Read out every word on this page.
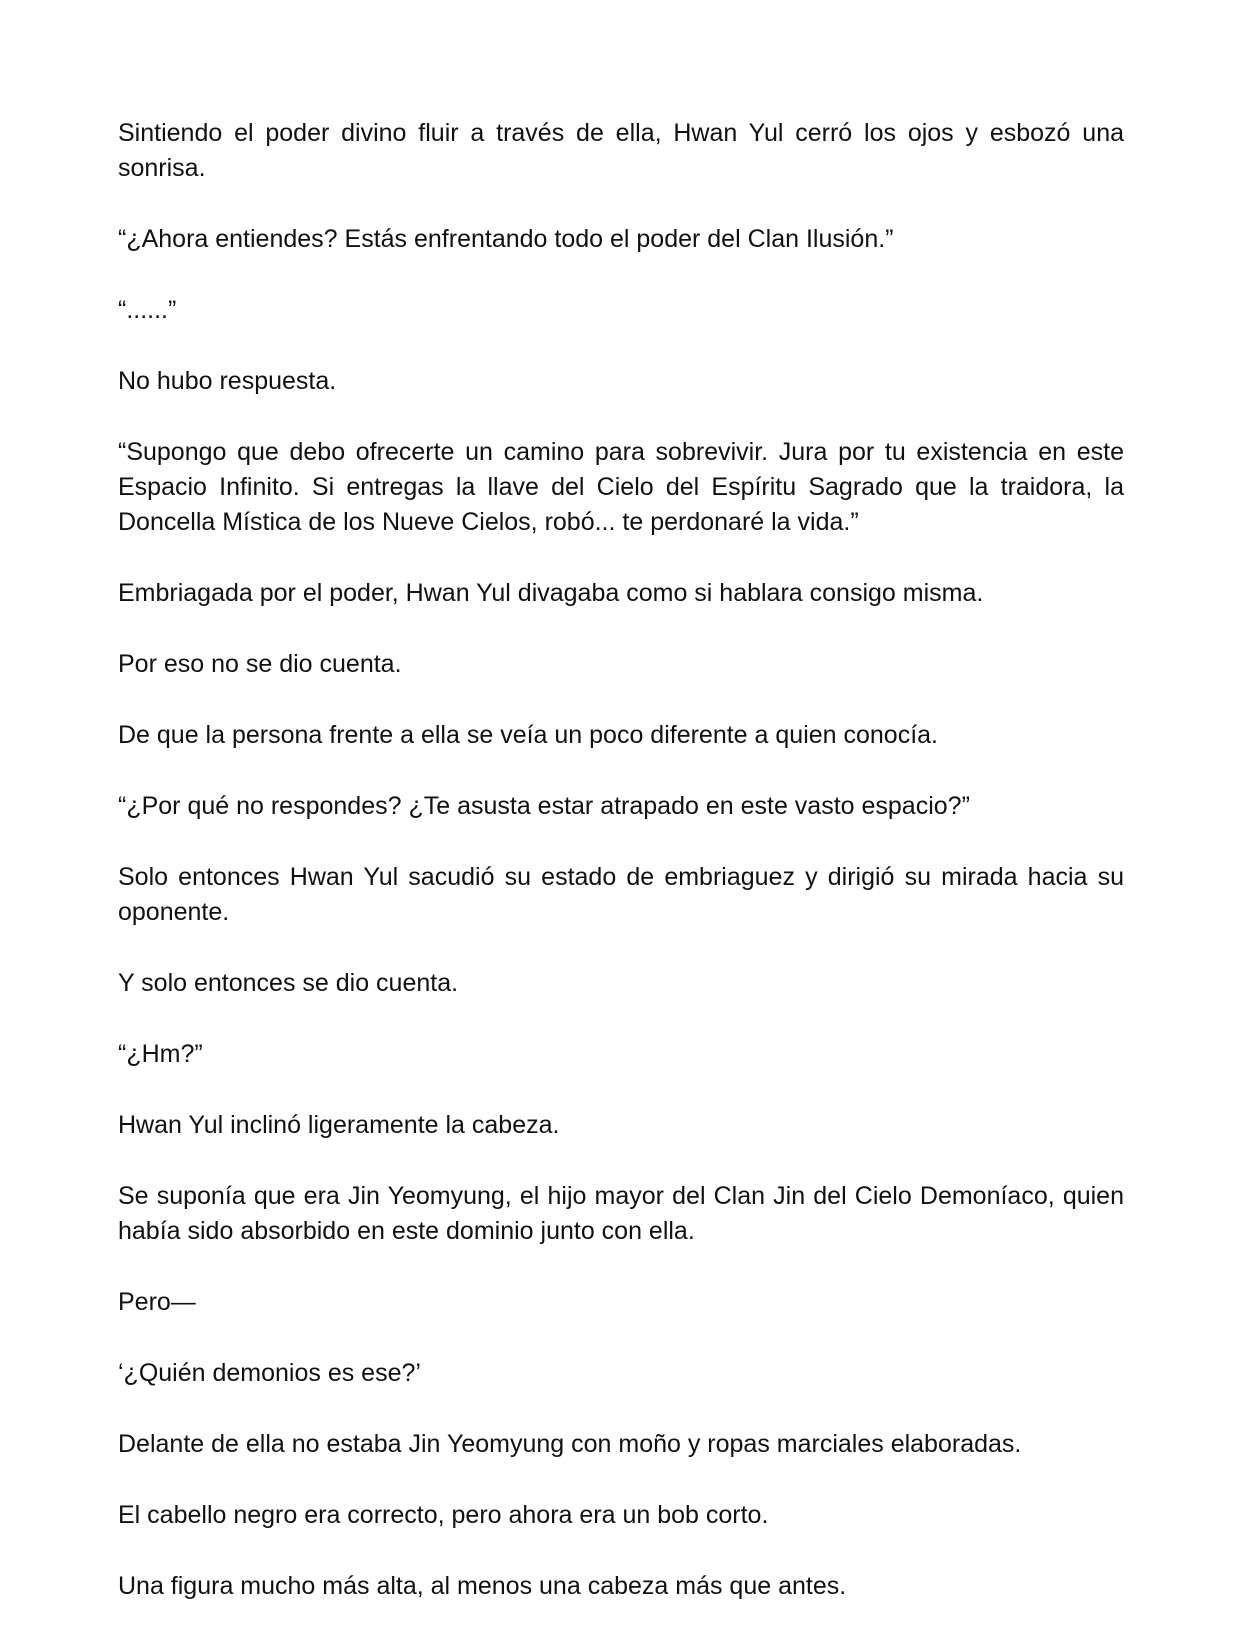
Sintiendo el poder divino fluir a través de ella, Hwan Yul cerró los ojos y esbozó una sonrisa.

“¿Ahora entiendes? Estás enfrentando todo el poder del Clan Ilusión.”

“......”

No hubo respuesta.

“Supongo que debo ofrecerte un camino para sobrevivir. Jura por tu existencia en este Espacio Infinito. Si entregas la llave del Cielo del Espíritu Sagrado que la traidora, la Doncella Mística de los Nueve Cielos, robó... te perdonaré la vida.”

Embriagada por el poder, Hwan Yul divagaba como si hablara consigo misma.

Por eso no se dio cuenta.

De que la persona frente a ella se veía un poco diferente a quien conocía.

“¿Por qué no respondes? ¿Te asusta estar atrapado en este vasto espacio?”

Solo entonces Hwan Yul sacudió su estado de embriaguez y dirigió su mirada hacia su oponente.

Y solo entonces se dio cuenta.

“¿Hm?”

Hwan Yul inclinó ligeramente la cabeza.

Se suponía que era Jin Yeomyung, el hijo mayor del Clan Jin del Cielo Demoníaco, quien había sido absorbido en este dominio junto con ella.

Pero—

‘¿Quién demonios es ese?’

Delante de ella no estaba Jin Yeomyung con moño y ropas marciales elaboradas.

El cabello negro era correcto, pero ahora era un bob corto.

Una figura mucho más alta, al menos una cabeza más que antes.
